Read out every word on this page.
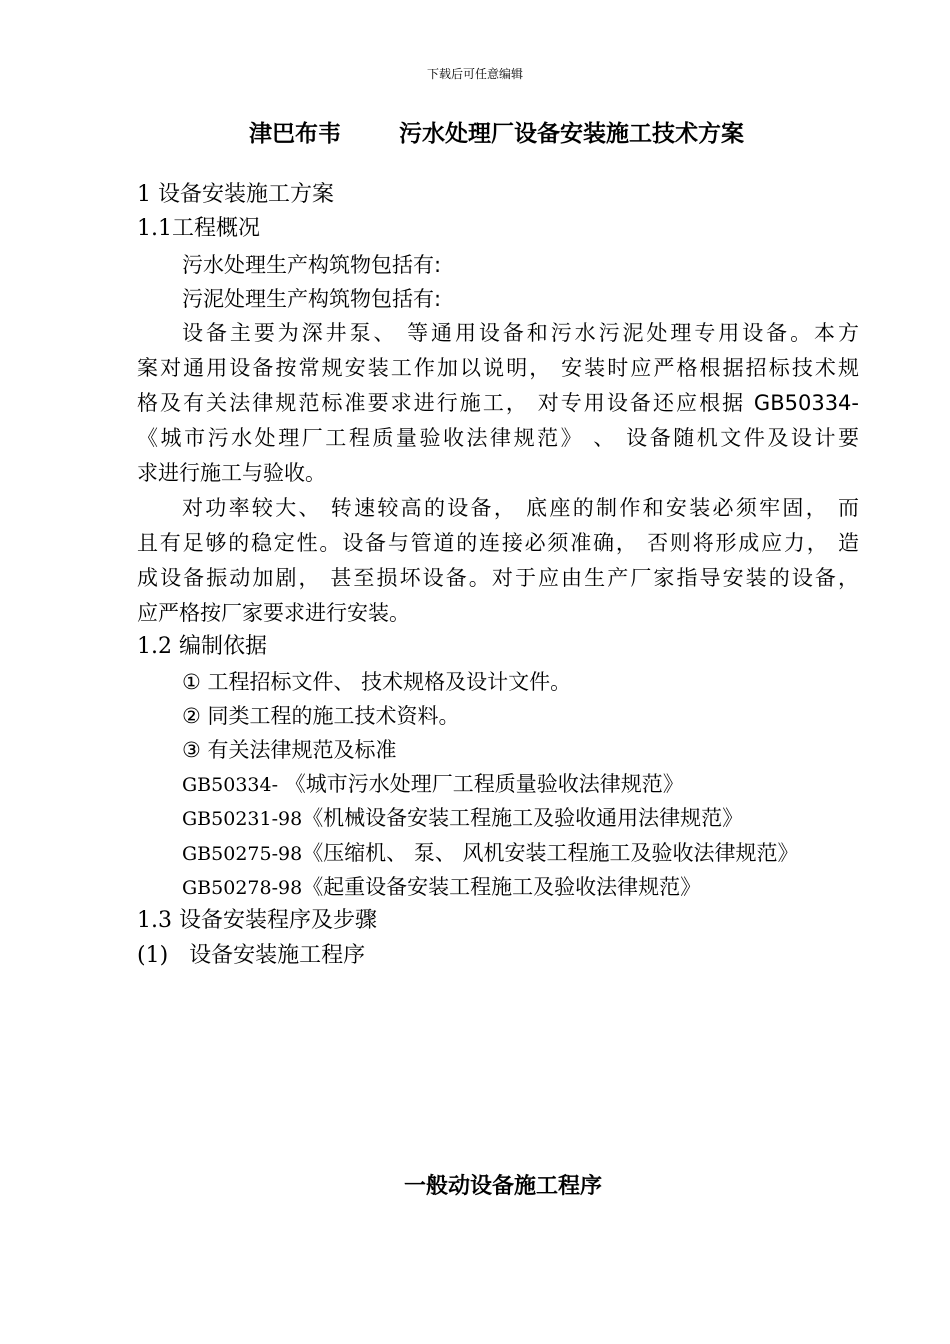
下载后可任意编辑
津巴布韦	污水处理厂设备安装施工技术方案
1 设备安装施工方案
1.1工程概况
污水处理生产构筑物包括有:
污泥处理生产构筑物包括有:
设备主要为深井泵、 等通用设备和污水污泥处理专用设备。本方
案对通用设备按常规安装工作加以说明， 安装时应严格根据招标技术规
格及有关法律规范标准要求进行施工， 对专用设备还应根据 GB50334-
《城市污水处理厂工程质量验收法律规范》 、 设备随机文件及设计要
求进行施工与验收。
对功率较大、 转速较高的设备， 底座的制作和安装必须牢固， 而
且有足够的稳定性。设备与管道的连接必须准确， 否则将形成应力， 造
成设备振动加剧， 甚至损坏设备。对于应由生产厂家指导安装的设备，
应严格按厂家要求进行安装。
1.2 编制依据
① 工程招标文件、 技术规格及设计文件。
② 同类工程的施工技术资料。
③ 有关法律规范及标准
GB50334- 《城市污水处理厂工程质量验收法律规范》
GB50231-98《机械设备安装工程施工及验收通用法律规范》
GB50275-98《压缩机、 泵、 风机安装工程施工及验收法律规范》
GB50278-98《起重设备安装工程施工及验收法律规范》
1.3 设备安装程序及步骤
(1) 设备安装施工程序
一般动设备施工程序
